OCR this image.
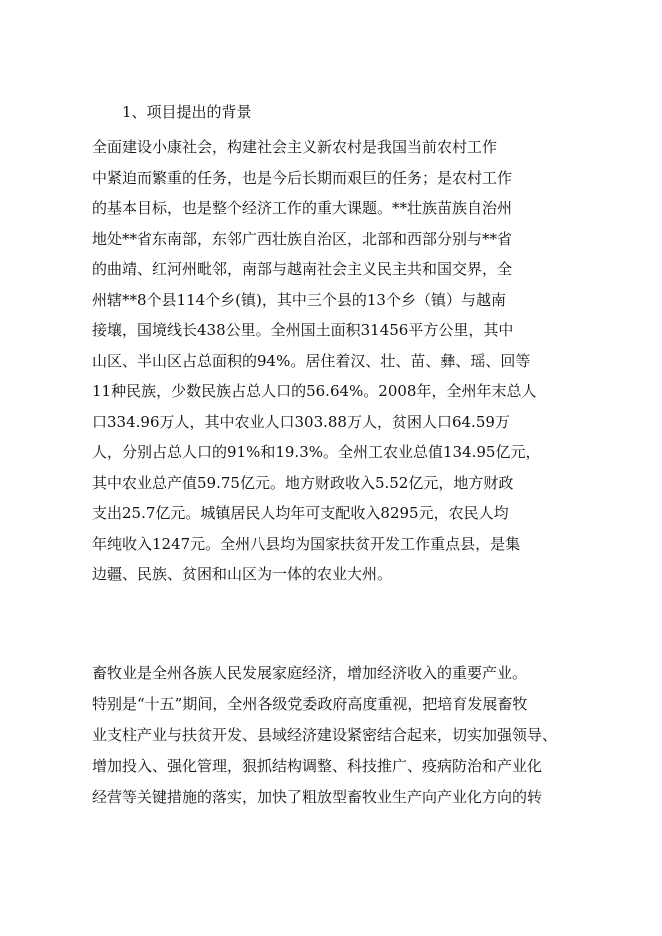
1、项目提出的背景
全面建设小康社会，构建社会主义新农村是我国当前农村工作
中紧迫而繁重的任务，也是今后长期而艰巨的任务；是农村工作
的基本目标，也是整个经济工作的重大课题。**壮族苗族自治州
地处**省东南部，东邻广西壮族自治区，北部和西部分别与**省
的曲靖、红河州毗邻，南部与越南社会主义民主共和国交界，全
州辖**8个县114个乡(镇)，其中三个县的13个乡（镇）与越南
接壤，国境线长438公里。全州国土面积31456平方公里，其中
山区、半山区占总面积的94%。居住着汉、壮、苗、彝、瑶、回等
11种民族，少数民族占总人口的56.64%。2008年，全州年末总人
口334.96万人，其中农业人口303.88万人，贫困人口64.59万
人，分别占总人口的91%和19.3%。全州工农业总值134.95亿元，
其中农业总产值59.75亿元。地方财政收入5.52亿元，地方财政
支出25.7亿元。城镇居民人均年可支配收入8295元，农民人均
年纯收入1247元。全州八县均为国家扶贫开发工作重点县，是集
边疆、民族、贫困和山区为一体的农业大州。
畜牧业是全州各族人民发展家庭经济，增加经济收入的重要产业。
特别是“十五”期间，全州各级党委政府高度重视，把培育发展畜牧
业支柱产业与扶贫开发、县域经济建设紧密结合起来，切实加强领导、
增加投入、强化管理，狠抓结构调整、科技推广、疫病防治和产业化
经营等关键措施的落实，加快了粗放型畜牧业生产向产业化方向的转
